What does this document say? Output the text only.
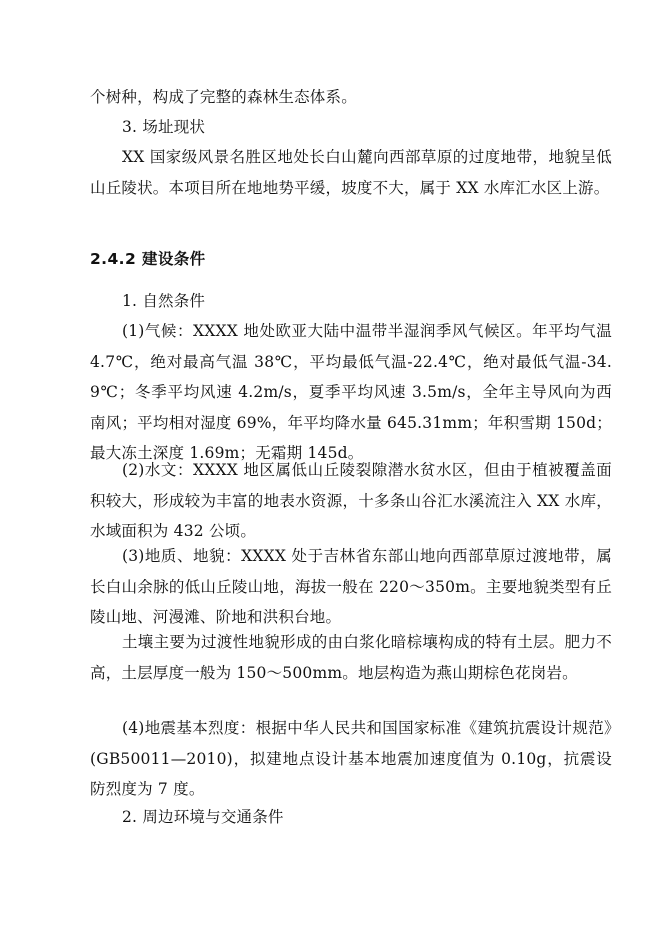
个树种，构成了完整的森林生态体系。

3. 场址现状

XX 国家级风景名胜区地处长白山麓向西部草原的过度地带，地貌呈低山丘陵状。本项目所在地地势平缓，坡度不大，属于 XX 水库汇水区上游。

2.4.2 建设条件

1. 自然条件

(1)气候：XXXX 地处欧亚大陆中温带半湿润季风气候区。年平均气温 4.7℃，绝对最高气温 38℃，平均最低气温-22.4℃，绝对最低气温-34.9℃；冬季平均风速 4.2m/s，夏季平均风速 3.5m/s，全年主导风向为西南风；平均相对湿度 69%，年平均降水量 645.31mm；年积雪期 150d；最大冻土深度 1.69m；无霜期 145d。

(2)水文：XXXX 地区属低山丘陵裂隙潜水贫水区，但由于植被覆盖面积较大，形成较为丰富的地表水资源，十多条山谷汇水溪流注入 XX 水库，水域面积为 432 公顷。

(3)地质、地貌：XXXX 处于吉林省东部山地向西部草原过渡地带，属长白山余脉的低山丘陵山地，海拔一般在 220～350m。主要地貌类型有丘陵山地、河漫滩、阶地和洪积台地。

土壤主要为过渡性地貌形成的由白浆化暗棕壤构成的特有土层。肥力不高，土层厚度一般为 150～500mm。地层构造为燕山期棕色花岗岩。

(4)地震基本烈度：根据中华人民共和国国家标准《建筑抗震设计规范》(GB50011—2010)，拟建地点设计基本地震加速度值为 0.10g，抗震设防烈度为 7 度。

2. 周边环境与交通条件
